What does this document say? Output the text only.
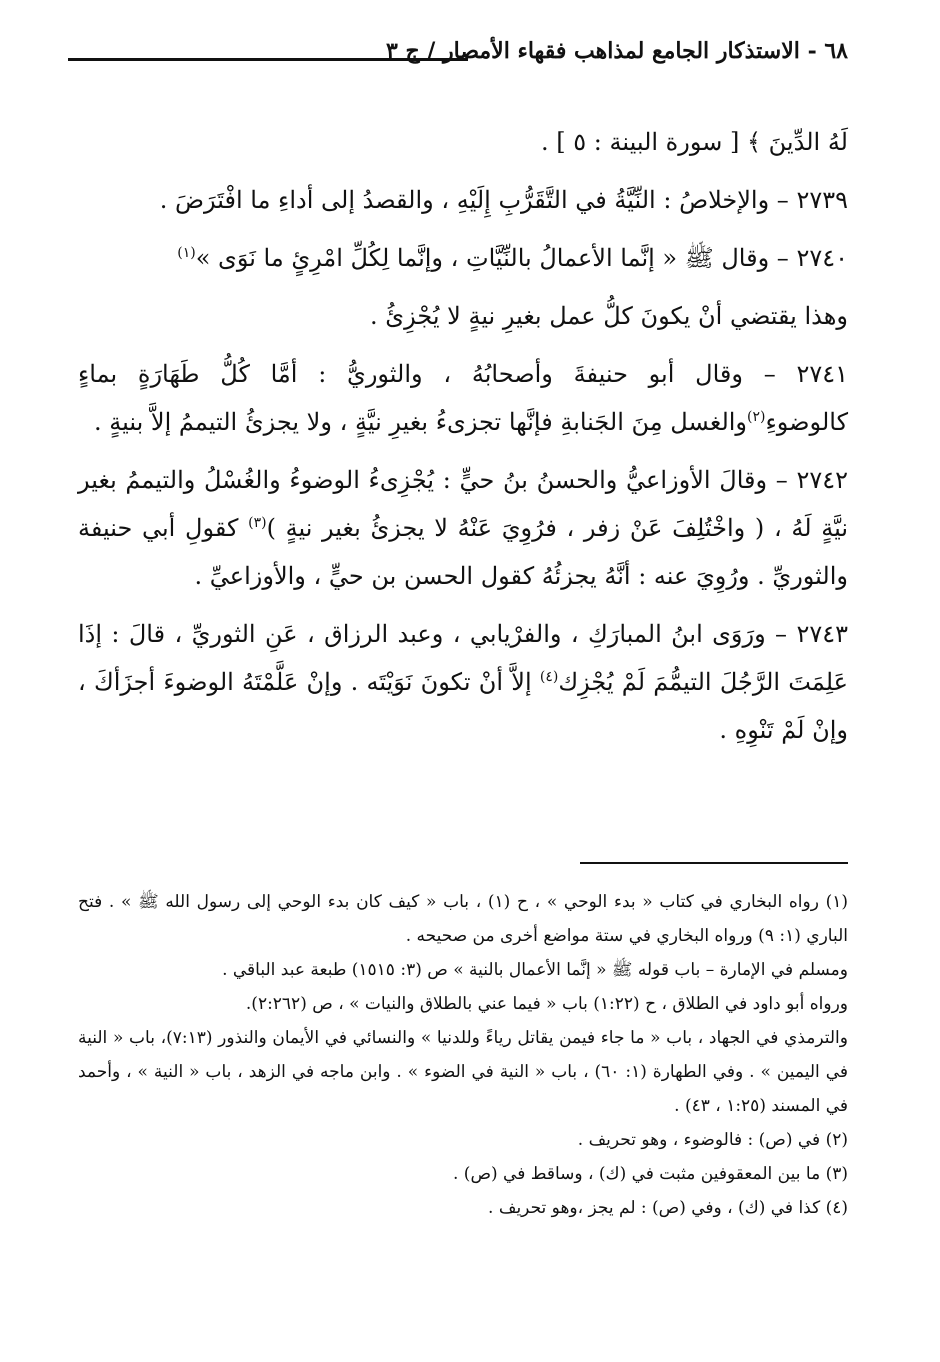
٦٨ - الاستذكار الجامع لمذاهب فقهاء الأمصار / ج ٣

لَهُ الدِّينَ ﴾ [ سورة البينة : ٥ ] .

٢٧٣٩ – والإخلاصُ : النِّيَّةُ في التَّقَرُّبِ إِلَيْهِ ، والقصدُ إلى أداءِ ما افْتَرَضَ .

٢٧٤٠ – وقال ﷺ « إنَّما الأعمالُ بالنِّيَّاتِ ، وإنَّما لِكُلِّ امْرِئٍ ما نَوَى »$^{(١)}$

وهذا يقتضي أنْ يكونَ كلُّ عمل بغيرِ نيةٍ لا يُجْزِئُ .

٢٧٤١ – وقال أبو حنيفةَ وأصحابُهُ ، والثوريُّ : أمَّا كُلُّ طَهَارَةٍ بماءٍ كالوضوءِ$^{(٢)}$والغسل مِنَ الجَنابةِ فإنَّها تجزىءُ بغيرِ نيَّةٍ ، ولا يجزئُ التيممُ إلاَّ بنيةٍ .

٢٧٤٢ – وقالَ الأوزاعيُّ والحسنُ بنُ حيٍّ : يُجْزِىءُ الوضوءُ والغُسْلُ والتيممُ بغير نيَّةٍ لَهُ ، ( واخْتُلِفَ عَنْ زفر ، فرُوِيَ عَنْهُ لا يجزئُ بغير نيةٍ )$^{(٣)}$ كقولِ أبي حنيفة والثوريِّ . ورُوِيَ عنه : أنَّهُ يجزئُهُ كقول الحسن بن حيٍّ ، والأوزاعيِّ .

٢٧٤٣ – ورَوَى ابنُ المبارَكِ ، والفرْيابي ، وعبد الرزاق ، عَنِ الثوريِّ ، قالَ : إذَا عَلِمَتَ الرَّجُلَ التيمُّمَ لَمْ يُجْزِك$^{(٤)}$ إلاَّ أنْ تكونَ نَوَيْتَه . وإنْ عَلَّمْتَهُ الوضوءَ أجزَأكَ ، وإنْ لَمْ تَنْوِهِ .

(١) رواه البخاري في كتاب « بدء الوحي » ، ح (١) ، باب « كيف كان بدء الوحي إلى رسول الله ﷺ » . فتح الباري (١: ٩) ورواه البخاري في ستة مواضع أخرى من صحيحه .

ومسلم في الإمارة – باب قوله ﷺ « إنَّما الأعمال بالنية » ص (٣: ١٥١٥) طبعة عبد الباقي .

ورواه أبو داود في الطلاق ، ح (١:٢٢) باب « فيما عني بالطلاق والنيات » ، ص (٢:٢٦٢).

والترمذي في الجهاد ، باب « ما جاء فيمن يقاتل رياءً وللدنيا » والنسائي في الأيمان والنذور (٧:١٣)، باب « النية في اليمين » . وفي الطهارة (١: ٦٠) ، باب « النية في الضوء » . وابن ماجه في الزهد ، باب « النية » ، وأحمد في المسند (١:٢٥ ، ٤٣) .

(٢) في (ص) : فالوضوء ، وهو تحريف .

(٣) ما بين المعقوفين مثبت في (ك) ، وساقط في (ص) .

(٤) كذا في (ك) ، وفي (ص) : لم يجز ،وهو تحريف .
